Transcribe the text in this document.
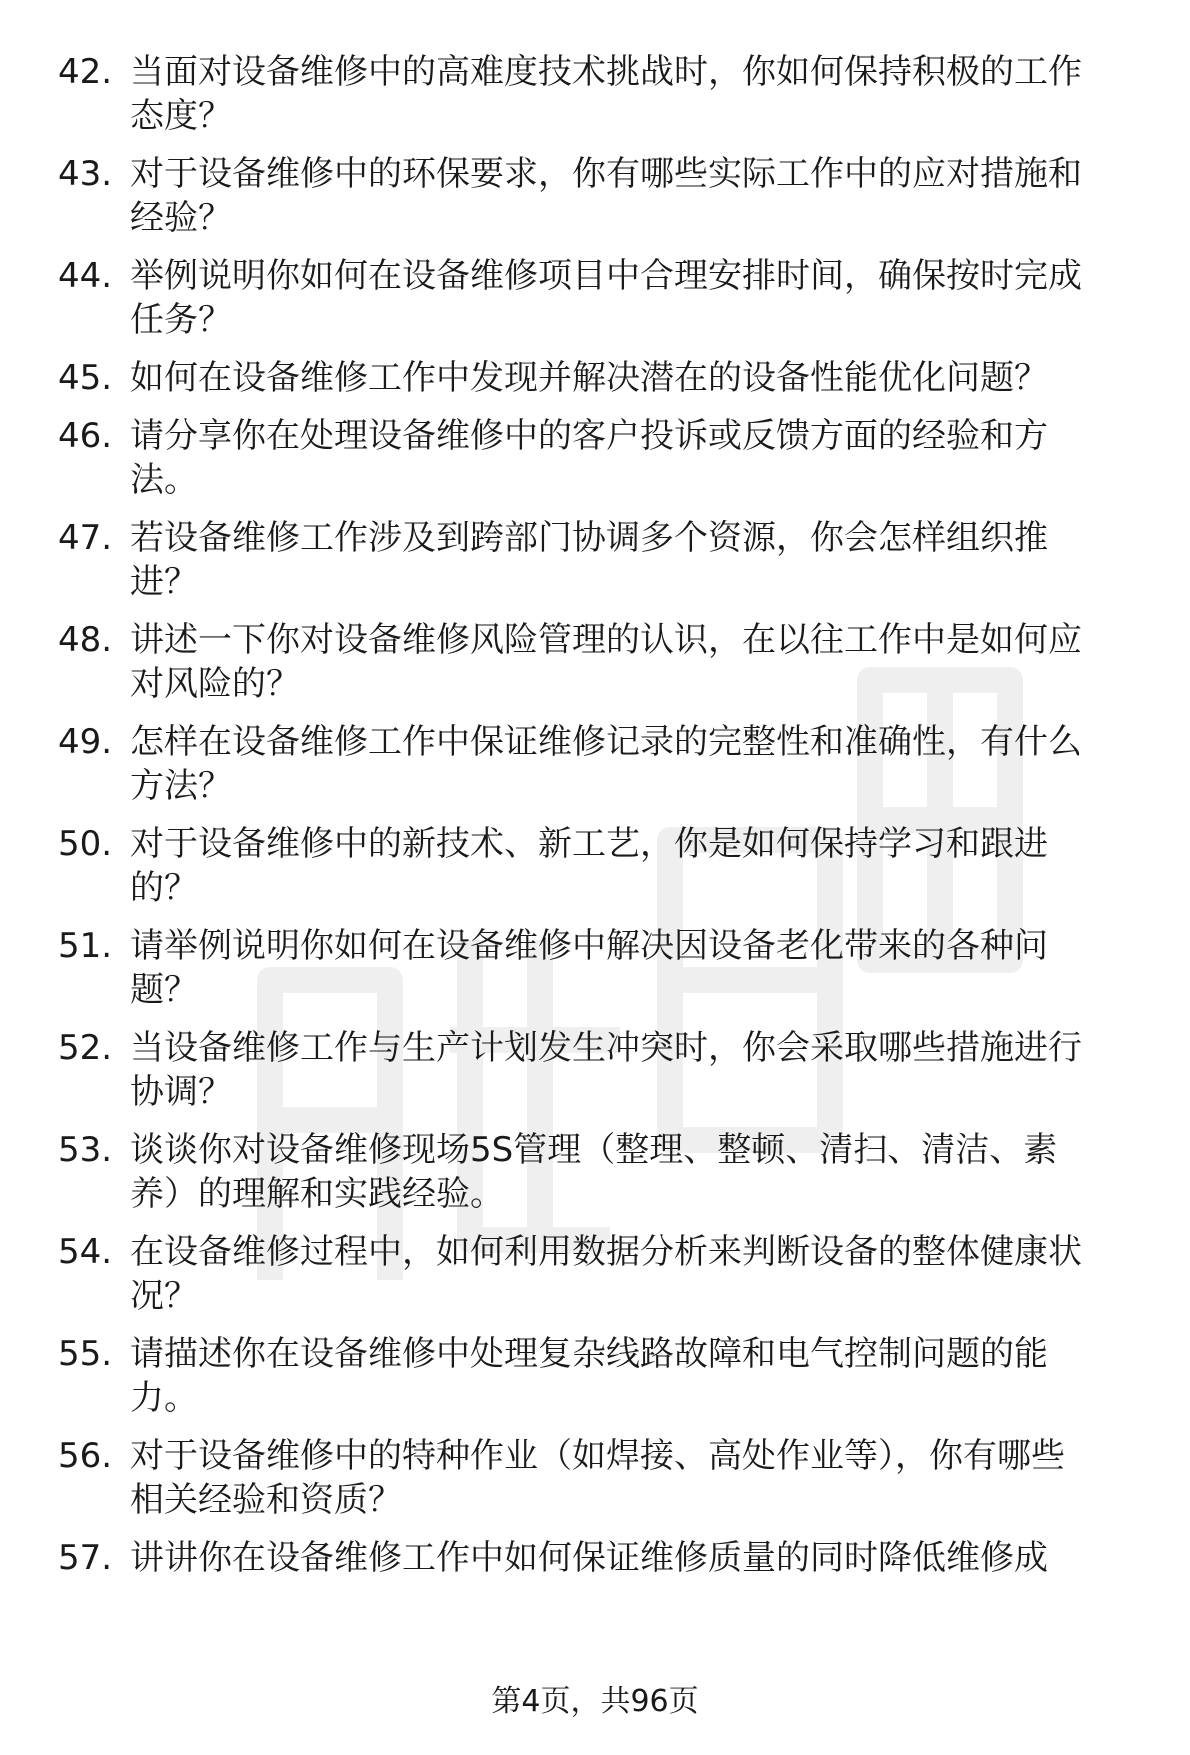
42. 当面对设备维修中的高难度技术挑战时，你如何保持积极的工作
态度？
43. 对于设备维修中的环保要求，你有哪些实际工作中的应对措施和
经验？
44. 举例说明你如何在设备维修项目中合理安排时间，确保按时完成
任务？
45. 如何在设备维修工作中发现并解决潜在的设备性能优化问题？
46. 请分享你在处理设备维修中的客户投诉或反馈方面的经验和方
法。
47. 若设备维修工作涉及到跨部门协调多个资源，你会怎样组织推
进？
48. 讲述一下你对设备维修风险管理的认识，在以往工作中是如何应
对风险的？
49. 怎样在设备维修工作中保证维修记录的完整性和准确性，有什么
方法？
50. 对于设备维修中的新技术、新工艺，你是如何保持学习和跟进
的？
51. 请举例说明你如何在设备维修中解决因设备老化带来的各种问
题？
52. 当设备维修工作与生产计划发生冲突时，你会采取哪些措施进行
协调？
53. 谈谈你对设备维修现场5S管理（整理、整顿、清扫、清洁、素
养）的理解和实践经验。
54. 在设备维修过程中，如何利用数据分析来判断设备的整体健康状
况？
55. 请描述你在设备维修中处理复杂线路故障和电气控制问题的能
力。
56. 对于设备维修中的特种作业（如焊接、高处作业等），你有哪些
相关经验和资质？
57. 讲讲你在设备维修工作中如何保证维修质量的同时降低维修成
第4页，共96页
